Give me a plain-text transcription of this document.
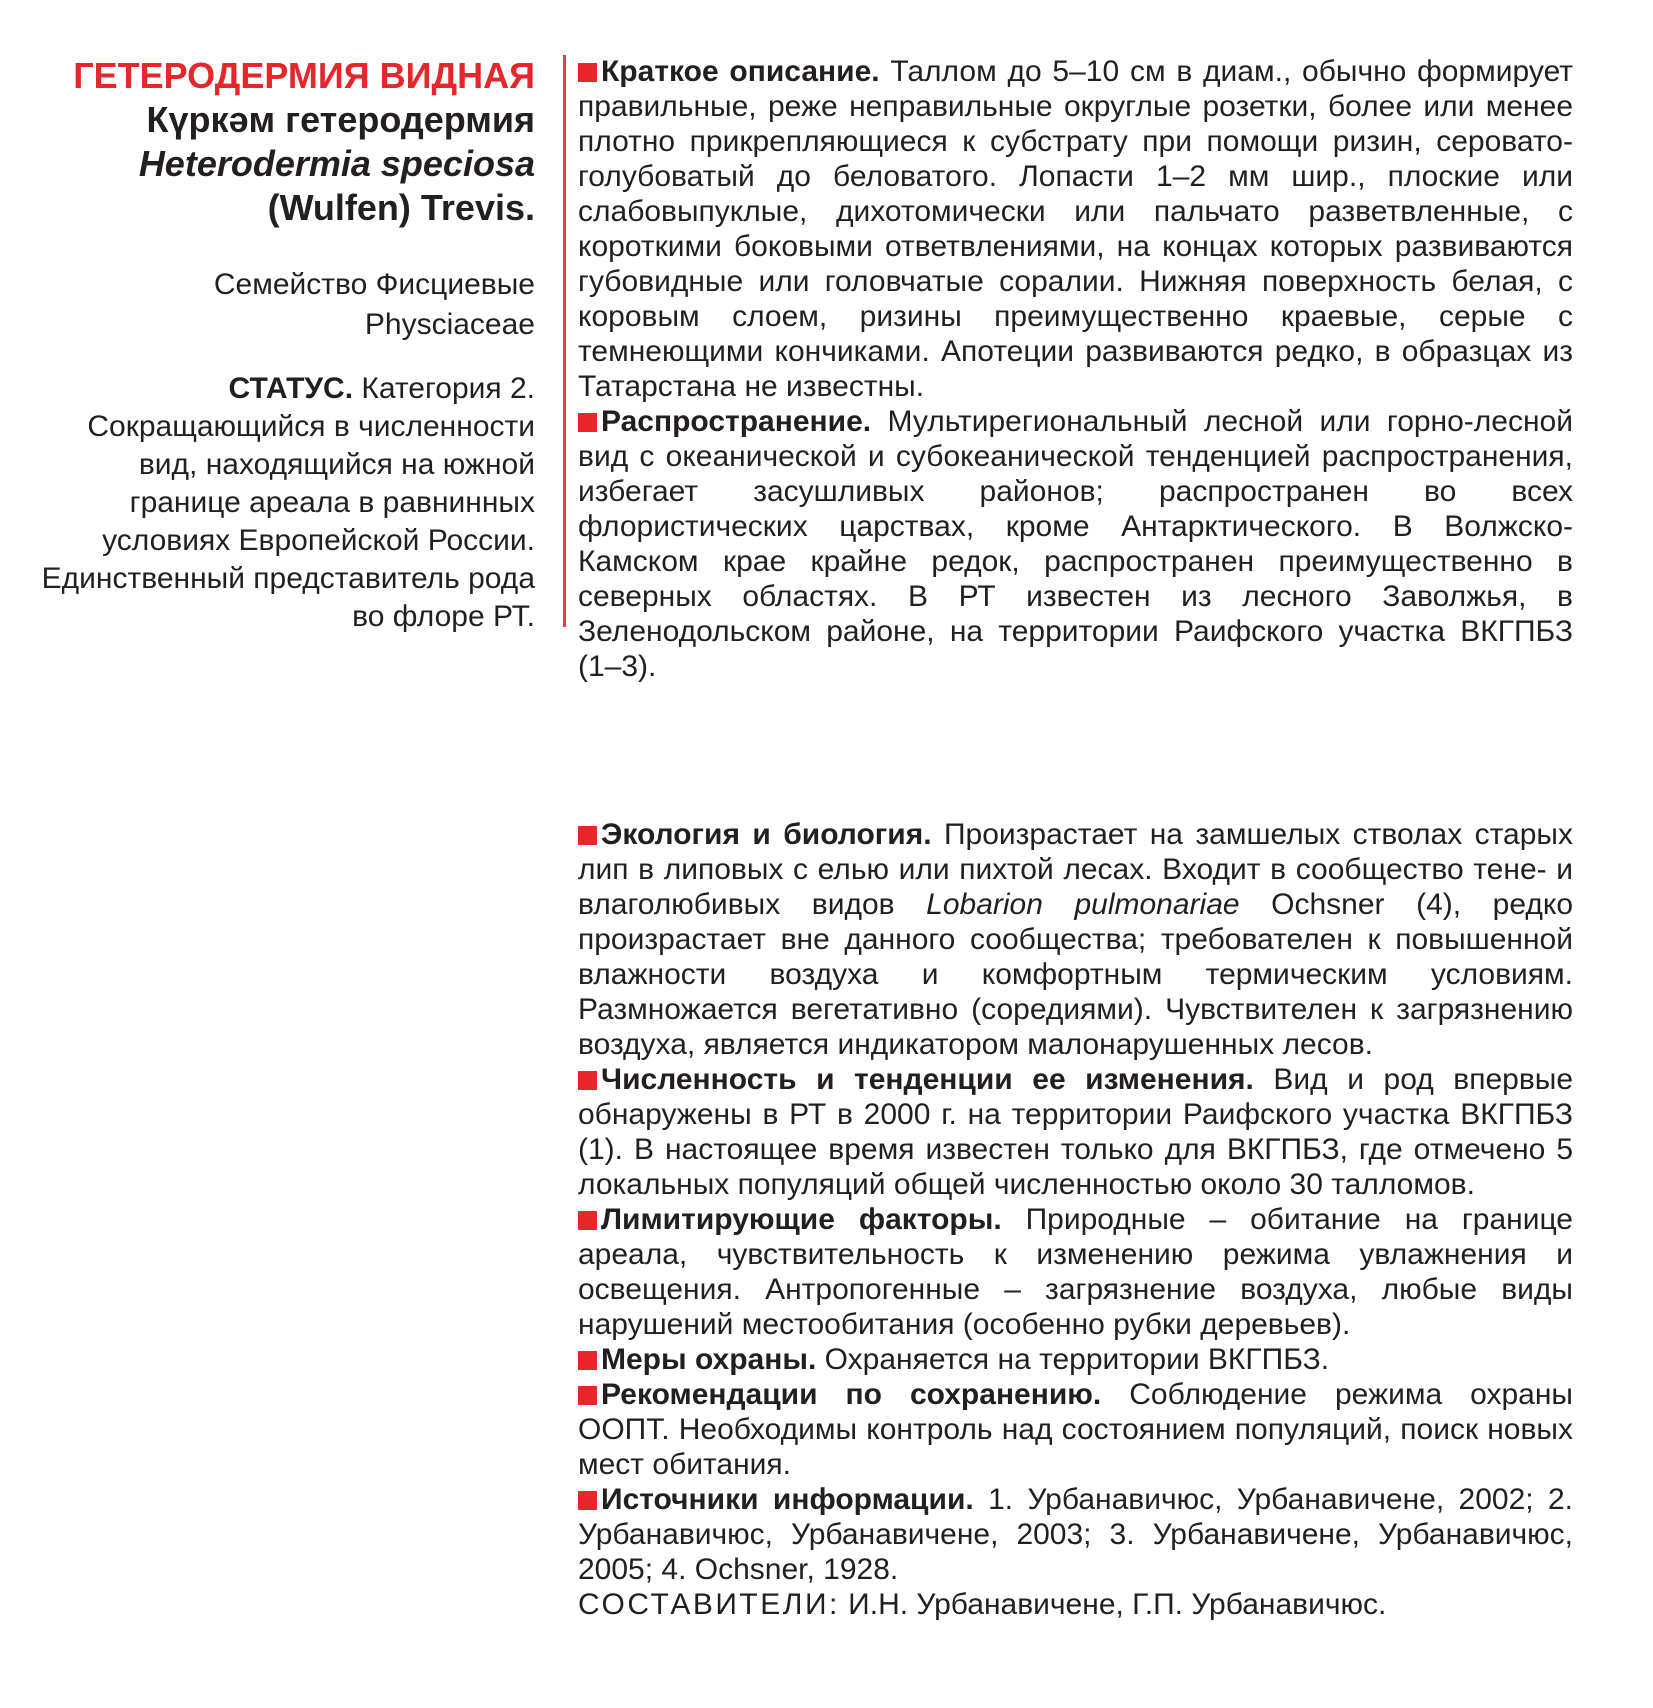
ГЕТЕРОДЕРМИЯ ВИДНАЯ
Күркәм гетеродермия
Heterodermia speciosa
(Wulfen) Trevis.
Семейство Фисциевые
Physciaceae
СТАТУС. Категория 2. Сокращающийся в численности вид, находящийся на южной границе ареала в равнинных условиях Европейской России. Единственный представитель рода во флоре РТ.

Краткое описание. Таллом до 5–10 см в диам., обычно формирует правильные, реже неправильные округлые розетки, более или менее плотно прикрепляющиеся к субстрату при помощи ризин, серовато-голубоватый до беловатого. Лопасти 1–2 мм шир., плоские или слабовыпуклые, дихотомически или пальчато разветвленные, с короткими боковыми ответвлениями, на концах которых развиваются губовидные или головчатые соралии. Нижняя поверхность белая, с коровым слоем, ризины преимущественно краевые, серые с темнеющими кончиками. Апотеции развиваются редко, в образцах из Татарстана не известны.

Распространение. Мультирегиональный лесной или горно-лесной вид с океанической и субокеанической тенденцией распространения, избегает засушливых районов; распространен во всех флористических царствах, кроме Антарктического. В Волжско-Камском крае крайне редок, распространен преимущественно в северных областях. В РТ известен из лесного Заволжья, в Зеленодольском районе, на территории Раифского участка ВКГПБЗ (1–3).

Экология и биология. Произрастает на замшелых стволах старых лип в липовых с елью или пихтой лесах. Входит в сообщество тене- и влаголюбивых видов Lobarion pulmonariae Ochsner (4), редко произрастает вне данного сообщества; требователен к повышенной влажности воздуха и комфортным термическим условиям. Размножается вегетативно (соредиями). Чувствителен к загрязнению воздуха, является индикатором малонарушенных лесов.

Численность и тенденции ее изменения. Вид и род впервые обнаружены в РТ в 2000 г. на территории Раифского участка ВКГПБЗ (1). В настоящее время известен только для ВКГПБЗ, где отмечено 5 локальных популяций общей численностью около 30 талломов.

Лимитирующие факторы. Природные – обитание на границе ареала, чувствительность к изменению режима увлажнения и освещения. Антропогенные – загрязнение воздуха, любые виды нарушений местообитания (особенно рубки деревьев).

Меры охраны. Охраняется на территории ВКГПБЗ.

Рекомендации по сохранению. Соблюдение режима охраны ООПТ. Необходимы контроль над состоянием популяций, поиск новых мест обитания.

Источники информации. 1. Урбанавичюс, Урбанавичене, 2002; 2. Урбанавичюс, Урбанавичене, 2003; 3. Урбанавичене, Урбанавичюс, 2005; 4. Ochsner, 1928.

СОСТАВИТЕЛИ: И.Н. Урбанавичене, Г.П. Урбанавичюс.
